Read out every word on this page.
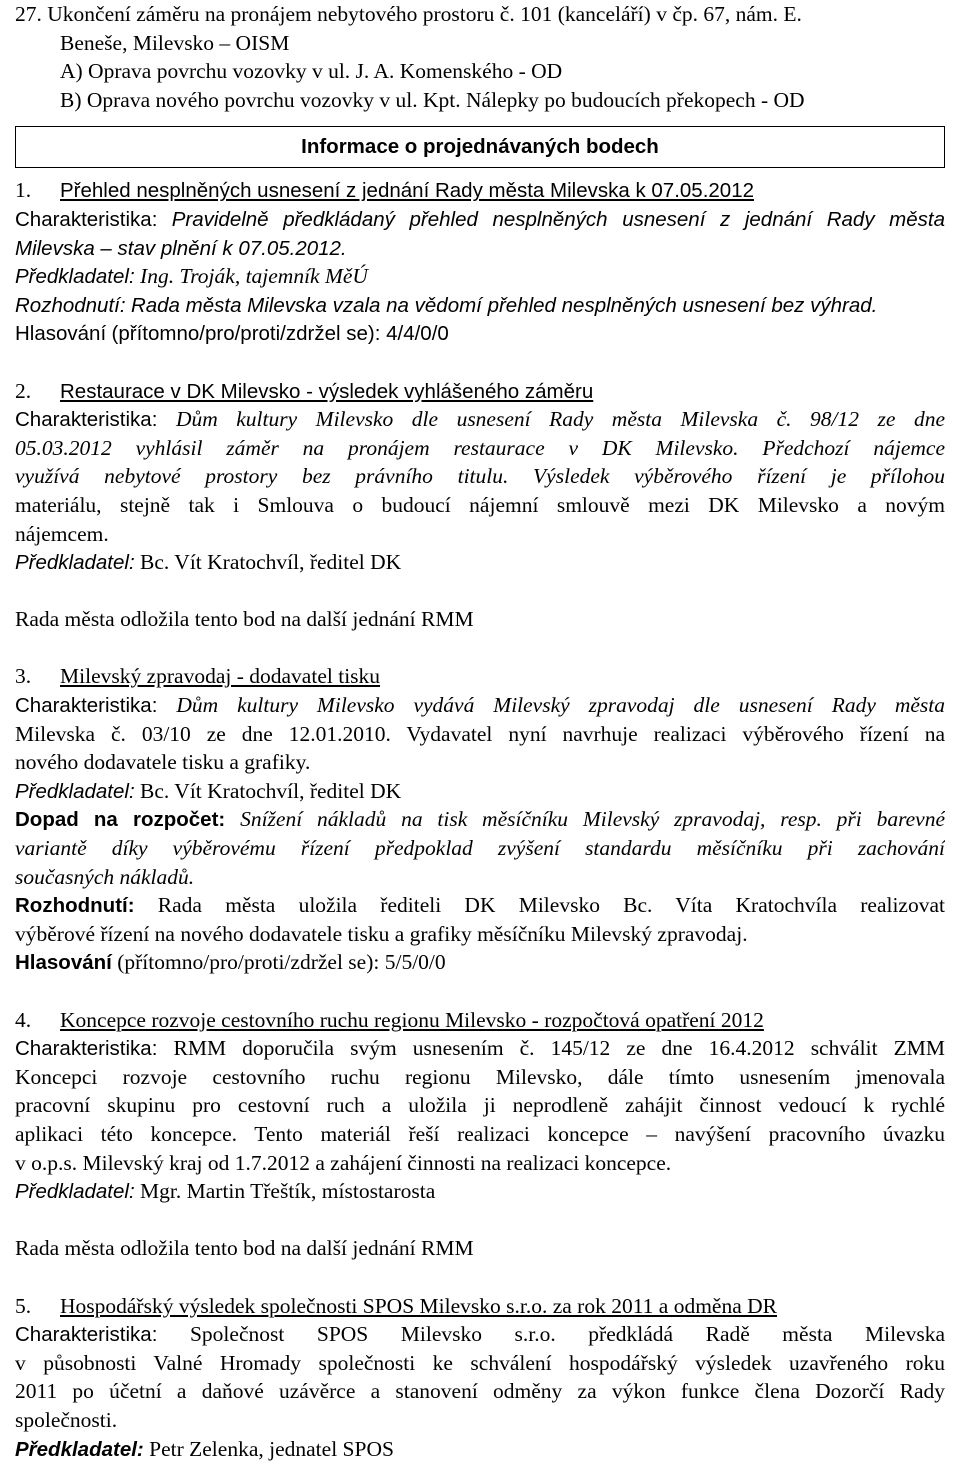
27. Ukončení záměru na pronájem nebytového prostoru č. 101 (kanceláří) v čp. 67, nám. E.
Beneše, Milevsko – OISM
A) Oprava povrchu vozovky v ul. J. A. Komenského - OD
B) Oprava nového povrchu vozovky v ul. Kpt. Nálepky po budoucích překopech - OD
Informace o projednávaných bodech
1. Přehled nesplněných usnesení z jednání Rady města Milevska k 07.05.2012
Charakteristika: Pravidelně předkládaný přehled nesplněných usnesení z jednání Rady města
Milevska – stav plnění k 07.05.2012.
Předkladatel: Ing. Troják, tajemník MěÚ
Rozhodnutí: Rada města Milevska vzala na vědomí přehled nesplněných usnesení bez výhrad.
Hlasování (přítomno/pro/proti/zdržel se): 4/4/0/0
2. Restaurace v DK Milevsko - výsledek vyhlášeného záměru
Charakteristika: Dům kultury Milevsko dle usnesení Rady města Milevska č. 98/12 ze dne
05.03.2012 vyhlásil záměr na pronájem restaurace v DK Milevsko. Předchozí nájemce
využívá nebytové prostory bez právního titulu. Výsledek výběrového řízení je přílohou
materiálu, stejně tak i Smlouva o budoucí nájemní smlouvě mezi DK Milevsko a novým
nájemcem.
Předkladatel: Bc. Vít Kratochvíl, ředitel DK
Rada města odložila tento bod na další jednání RMM
3. Milevský zpravodaj - dodavatel tisku
Charakteristika: Dům kultury Milevsko vydává Milevský zpravodaj dle usnesení Rady města
Milevska č. 03/10 ze dne 12.01.2010. Vydavatel nyní navrhuje realizaci výběrového řízení na
nového dodavatele tisku a grafiky.
Předkladatel: Bc. Vít Kratochvíl, ředitel DK
Dopad na rozpočet: Snížení nákladů na tisk měsíčníku Milevský zpravodaj, resp. při barevné
variantě díky výběrovému řízení předpoklad zvýšení standardu měsíčníku při zachování
současných nákladů.
Rozhodnutí: Rada města uložila řediteli DK Milevsko Bc. Víta Kratochvíla realizovat
výběrové řízení na nového dodavatele tisku a grafiky měsíčníku Milevský zpravodaj.
Hlasování (přítomno/pro/proti/zdržel se): 5/5/0/0
4. Koncepce rozvoje cestovního ruchu regionu Milevsko - rozpočtová opatření 2012
Charakteristika: RMM doporučila svým usnesením č. 145/12 ze dne 16.4.2012 schválit ZMM
Koncepci rozvoje cestovního ruchu regionu Milevsko, dále tímto usnesením jmenovala
pracovní skupinu pro cestovní ruch a uložila ji neprodleně zahájit činnost vedoucí k rychlé
aplikaci této koncepce. Tento materiál řeší realizaci koncepce – navýšení pracovního úvazku
v o.p.s. Milevský kraj od 1.7.2012 a zahájení činnosti na realizaci koncepce.
Předkladatel: Mgr. Martin Třeštík, místostarosta
Rada města odložila tento bod na další jednání RMM
5. Hospodářský výsledek společnosti SPOS Milevsko s.r.o. za rok 2011 a odměna DR
Charakteristika: Společnost SPOS Milevsko s.r.o. předkládá Radě města Milevska
v působnosti Valné Hromady společnosti ke schválení hospodářský výsledek uzavřeného roku
2011 po účetní a daňové uzávěrce a stanovení odměny za výkon funkce člena Dozorčí Rady
společnosti.
Předkladatel: Petr Zelenka, jednatel SPOS
